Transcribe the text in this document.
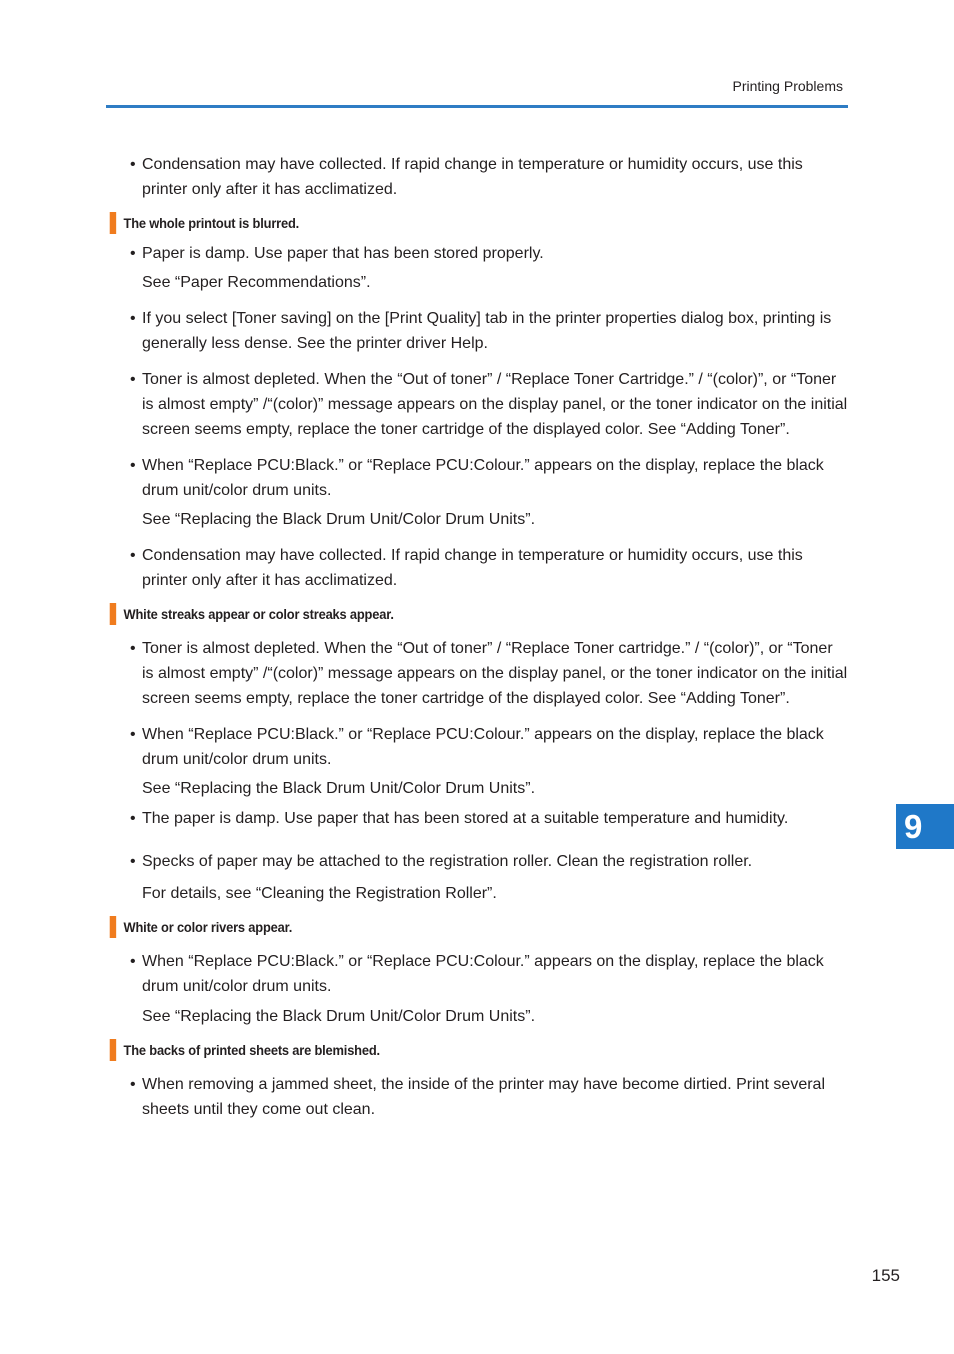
Printing Problems

• Condensation may have collected. If rapid change in temperature or humidity occurs, use this printer only after it has acclimatized.

The whole printout is blurred.

• Paper is damp. Use paper that has been stored properly.

See “Paper Recommendations”.

• If you select [Toner saving] on the [Print Quality] tab in the printer properties dialog box, printing is generally less dense. See the printer driver Help.

• Toner is almost depleted. When the “Out of toner” / “Replace Toner Cartridge.” / “(color)”, or “Toner is almost empty” /“(color)” message appears on the display panel, or the toner indicator on the initial screen seems empty, replace the toner cartridge of the displayed color. See “Adding Toner”.

• When “Replace PCU:Black.” or “Replace PCU:Colour.” appears on the display, replace the black drum unit/color drum units.

See “Replacing the Black Drum Unit/Color Drum Units”.

• Condensation may have collected. If rapid change in temperature or humidity occurs, use this printer only after it has acclimatized.

White streaks appear or color streaks appear.

• Toner is almost depleted. When the “Out of toner” / “Replace Toner cartridge.” / “(color)”, or “Toner is almost empty” /“(color)” message appears on the display panel, or the toner indicator on the initial screen seems empty, replace the toner cartridge of the displayed color. See “Adding Toner”.

• When “Replace PCU:Black.” or “Replace PCU:Colour.” appears on the display, replace the black drum unit/color drum units.

See “Replacing the Black Drum Unit/Color Drum Units”.

• The paper is damp. Use paper that has been stored at a suitable temperature and humidity.

• Specks of paper may be attached to the registration roller. Clean the registration roller.

For details, see “Cleaning the Registration Roller”.

White or color rivers appear.

• When “Replace PCU:Black.” or “Replace PCU:Colour.” appears on the display, replace the black drum unit/color drum units.

See “Replacing the Black Drum Unit/Color Drum Units”.

The backs of printed sheets are blemished.

• When removing a jammed sheet, the inside of the printer may have become dirtied. Print several sheets until they come out clean.

9
155
